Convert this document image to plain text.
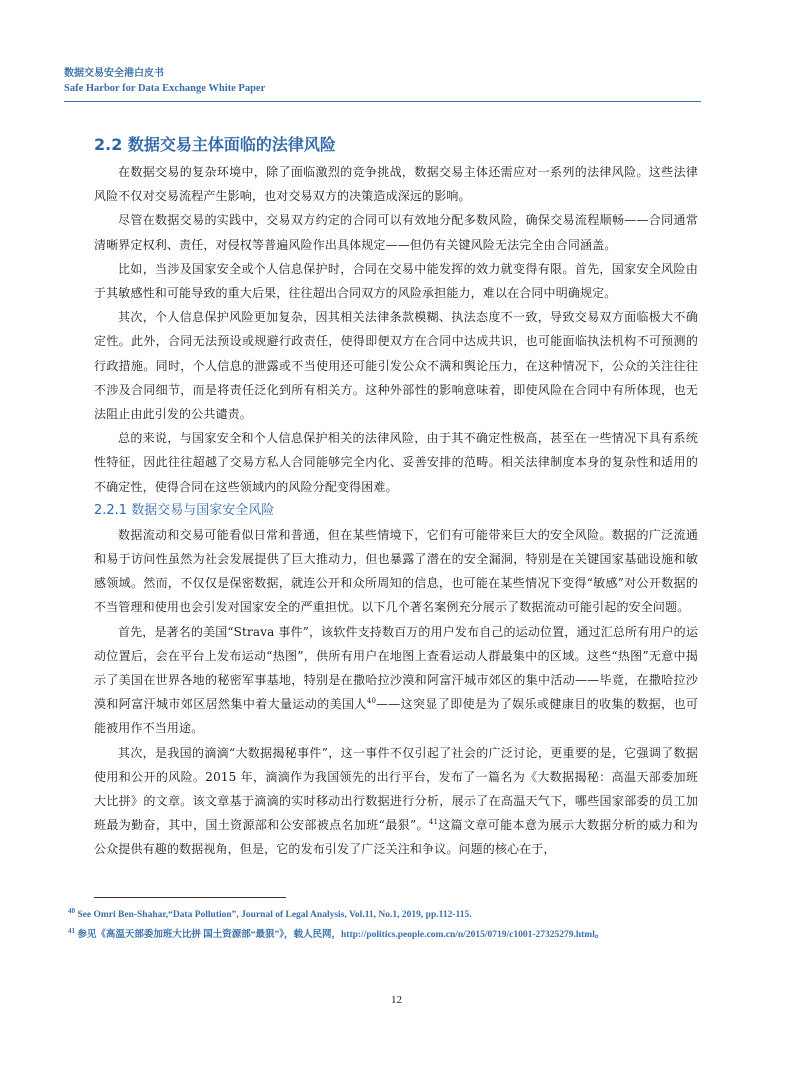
数据交易安全港白皮书

Safe Harbor for Data Exchange White Paper

2.2 数据交易主体面临的法律风险

在数据交易的复杂环境中，除了面临激烈的竞争挑战，数据交易主体还需应对一系列的法律风险。这些法律风险不仅对交易流程产生影响，也对交易双方的决策造成深远的影响。

尽管在数据交易的实践中，交易双方约定的合同可以有效地分配多数风险，确保交易流程顺畅——合同通常清晰界定权利、责任，对侵权等普遍风险作出具体规定——但仍有关键风险无法完全由合同涵盖。

比如，当涉及国家安全或个人信息保护时，合同在交易中能发挥的效力就变得有限。首先，国家安全风险由于其敏感性和可能导致的重大后果，往往超出合同双方的风险承担能力，难以在合同中明确规定。

其次，个人信息保护风险更加复杂，因其相关法律条款模糊、执法态度不一致，导致交易双方面临极大不确定性。此外，合同无法预设或规避行政责任，使得即便双方在合同中达成共识，也可能面临执法机构不可预测的行政措施。同时，个人信息的泄露或不当使用还可能引发公众不满和舆论压力，在这种情况下，公众的关注往往不涉及合同细节，而是将责任泛化到所有相关方。这种外部性的影响意味着，即使风险在合同中有所体现，也无法阻止由此引发的公共谴责。

总的来说，与国家安全和个人信息保护相关的法律风险，由于其不确定性极高，甚至在一些情况下具有系统性特征，因此往往超越了交易方私人合同能够完全内化、妥善安排的范畴。相关法律制度本身的复杂性和适用的不确定性，使得合同在这些领域内的风险分配变得困难。

2.2.1 数据交易与国家安全风险

数据流动和交易可能看似日常和普通，但在某些情境下，它们有可能带来巨大的安全风险。数据的广泛流通和易于访问性虽然为社会发展提供了巨大推动力，但也暴露了潜在的安全漏洞，特别是在关键国家基础设施和敏感领域。然而，不仅仅是保密数据，就连公开和众所周知的信息，也可能在某些情况下变得“敏感”对公开数据的不当管理和使用也会引发对国家安全的严重担忧。以下几个著名案例充分展示了数据流动可能引起的安全问题。

首先，是著名的美国“Strava 事件”，该软件支持数百万的用户发布自己的运动位置，通过汇总所有用户的运动位置后，会在平台上发布运动“热图”，供所有用户在地图上查看运动人群最集中的区域。这些“热图”无意中揭示了美国在世界各地的秘密军事基地，特别是在撒哈拉沙漠和阿富汗城市郊区的集中活动——毕竟，在撒哈拉沙漠和阿富汗城市郊区居然集中着大量运动的美国人$^{40}$——这突显了即使是为了娱乐或健康目的收集的数据，也可能被用作不当用途。

其次，是我国的滴滴“大数据揭秘事件”，这一事件不仅引起了社会的广泛讨论，更重要的是，它强调了数据使用和公开的风险。2015 年，滴滴作为我国领先的出行平台，发布了一篇名为《大数据揭秘：高温天部委加班大比拼》的文章。该文章基于滴滴的实时移动出行数据进行分析，展示了在高温天气下，哪些国家部委的员工加班最为勤奋，其中，国土资源部和公安部被点名加班“最狠”。$^{41}$这篇文章可能本意为展示大数据分析的威力和为公众提供有趣的数据视角，但是，它的发布引发了广泛关注和争议。问题的核心在于，

$^{40}$ See Omri Ben-Shahar,“Data Pollution”, Journal of Legal Analysis, Vol.11, No.1, 2019, pp.112-115.

$^{41}$ 参见《高温天部委加班大比拼 国土资源部“最狠”》，载人民网，http://politics.people.com.cn/n/2015/0719/c1001-27325279.html。

12
